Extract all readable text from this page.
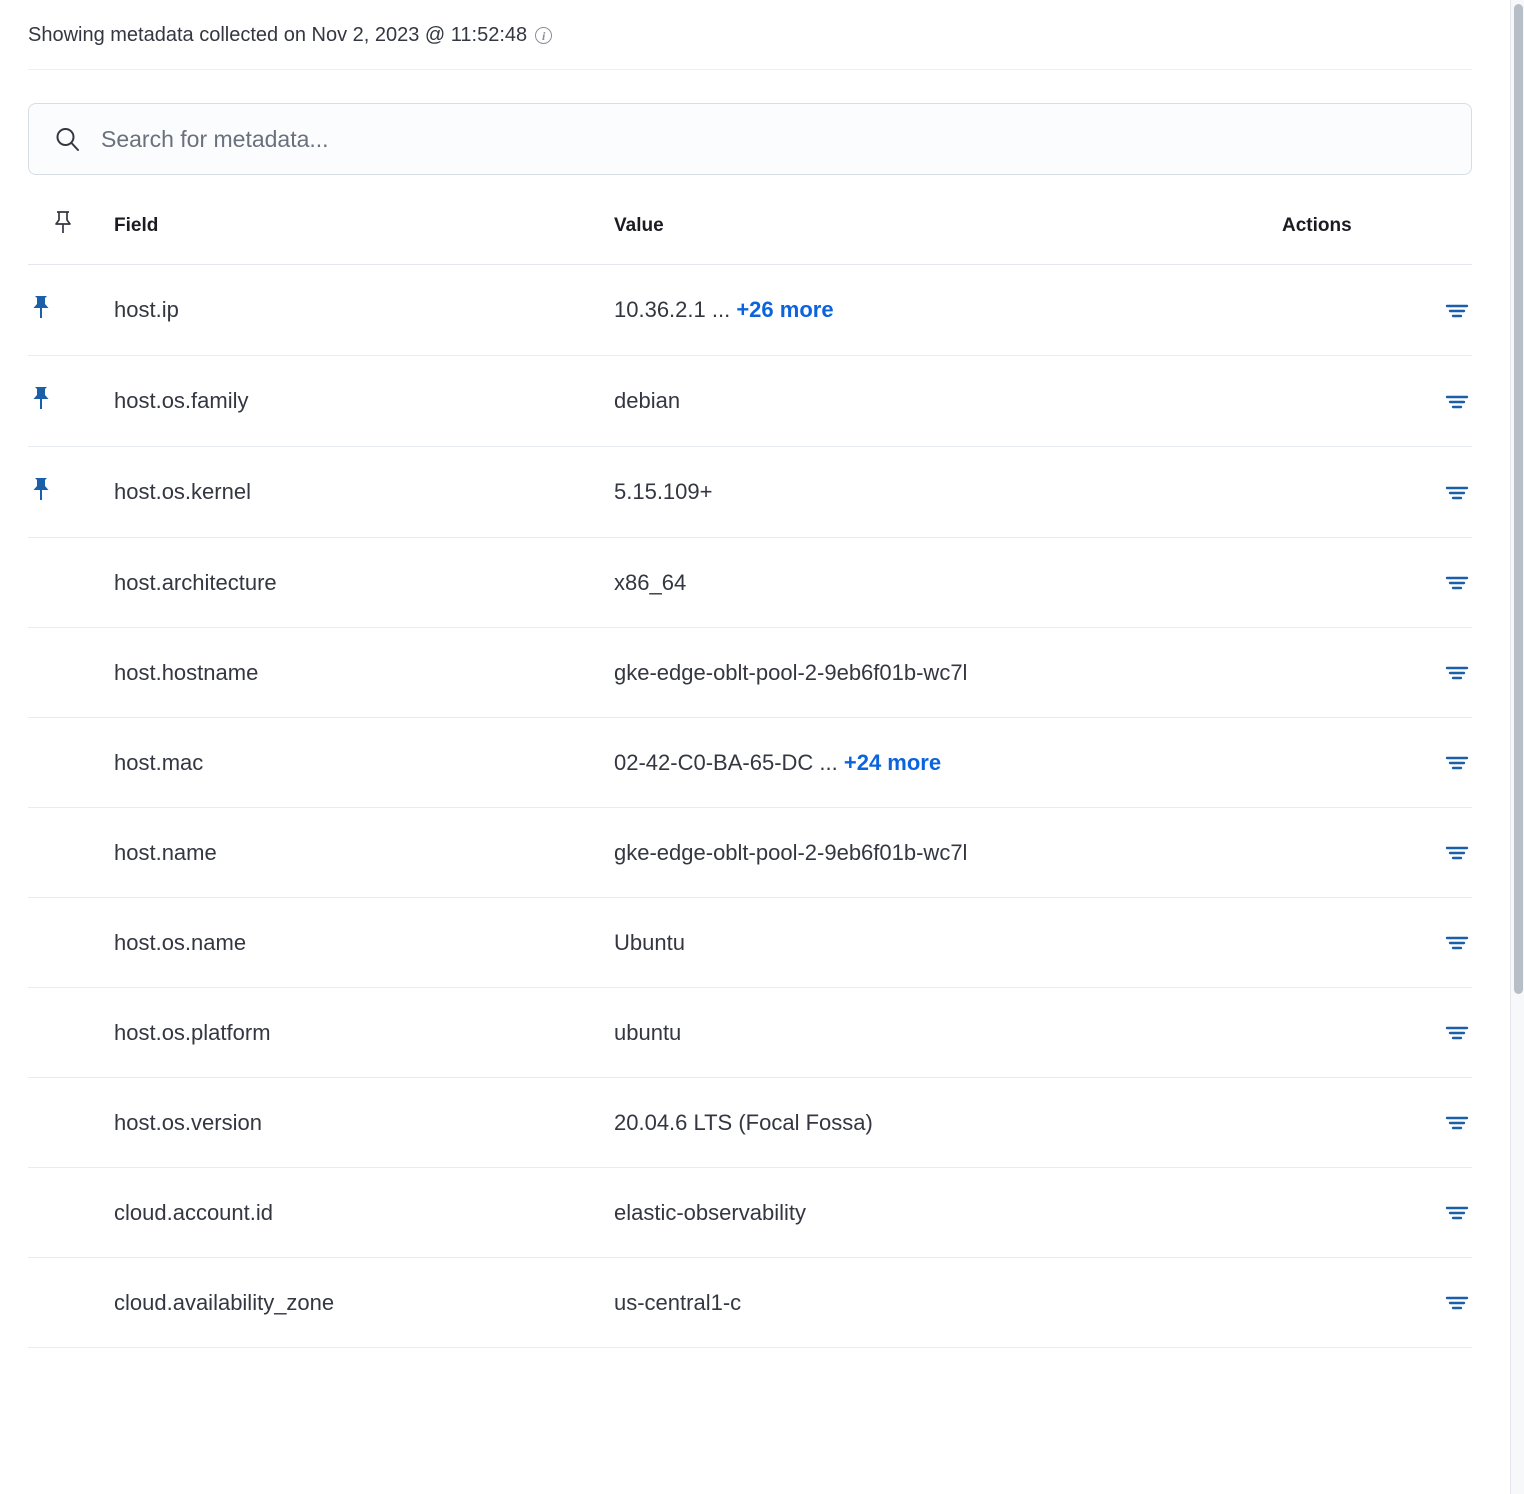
Showing metadata collected on Nov 2, 2023 @ 11:52:48	i
Search for metadata...
	Field	Value	Actions

	host.ip	10.36.2.1 ... +26 more	

	host.os.family	debian	

	host.os.kernel	5.15.109+	

	host.architecture	x86_64	

	host.hostname	gke-edge-oblt-pool-2-9eb6f01b-wc7l	

	host.mac	02-42-C0-BA-65-DC ... +24 more	

	host.name	gke-edge-oblt-pool-2-9eb6f01b-wc7l	

	host.os.name	Ubuntu	

	host.os.platform	ubuntu	

	host.os.version	20.04.6 LTS (Focal Fossa)	

	cloud.account.id	elastic-observability	

	cloud.availability_zone	us-central1-c	
